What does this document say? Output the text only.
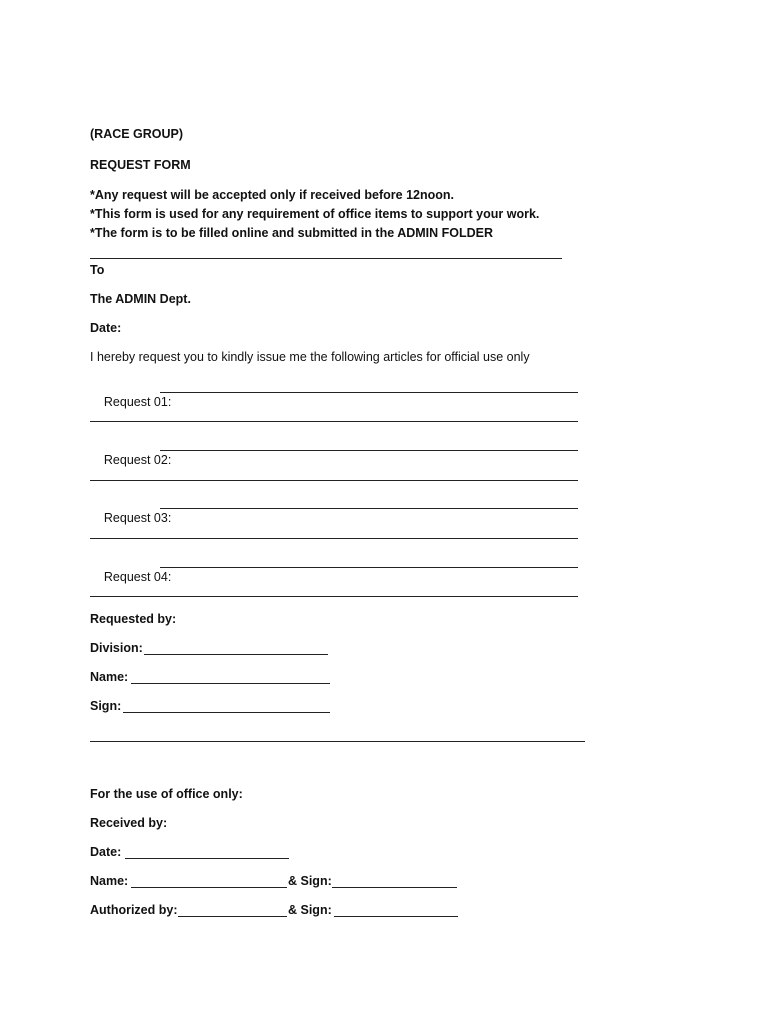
(RACE GROUP)
REQUEST FORM
*Any request will be accepted only if received before 12noon.
*This form is used for any requirement of office items to support your work.
*The form is to be filled online and submitted in the ADMIN FOLDER
To
The ADMIN Dept.
Date:
I hereby request you to kindly issue me the following articles for official use only

Request 01:

Request 02:

Request 03:

Request 04:

Requested by:
Division:
Name:
Sign:
For the use of office only:
Received by:
Date:
Name:	& Sign:
Authorized by:	& Sign:
